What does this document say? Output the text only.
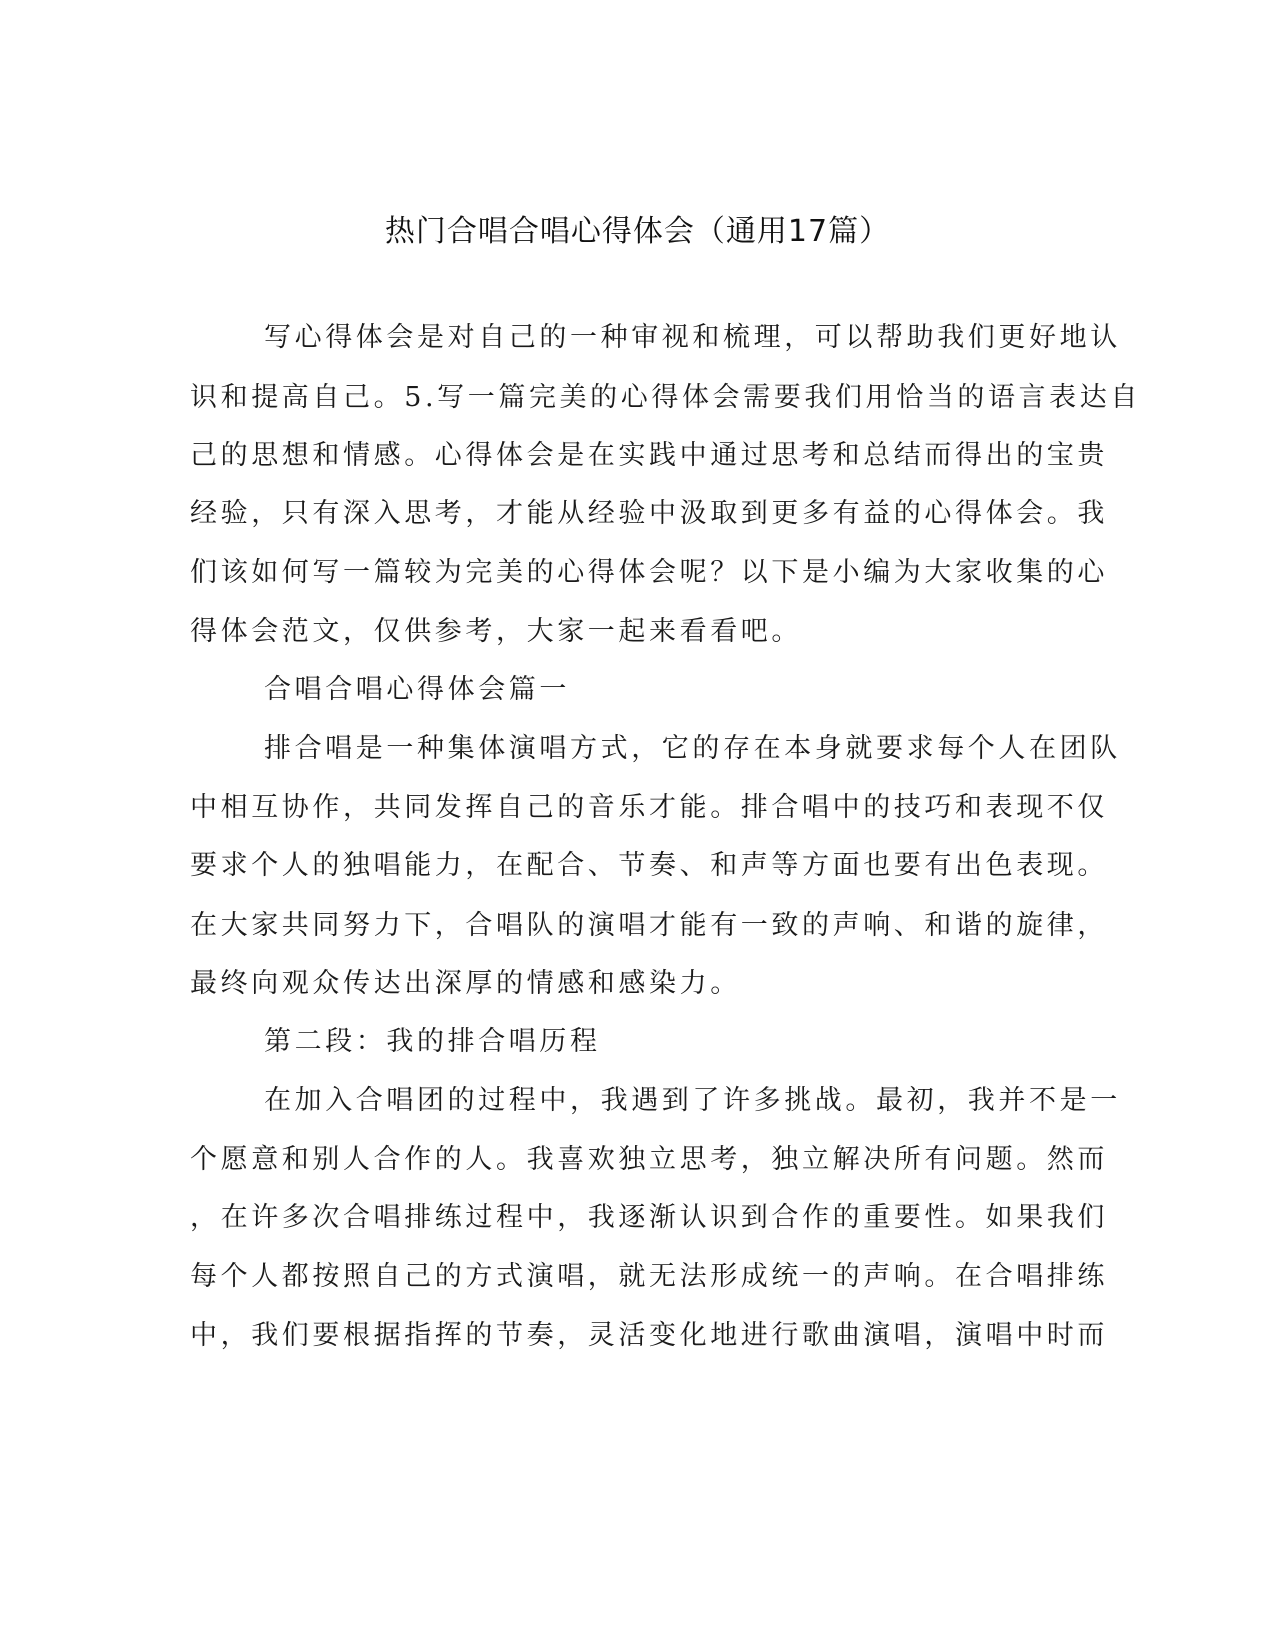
热门合唱合唱心得体会（通用17篇）

写心得体会是对自己的一种审视和梳理，可以帮助我们更好地认

识和提高自己。5.写一篇完美的心得体会需要我们用恰当的语言表达自

己的思想和情感。心得体会是在实践中通过思考和总结而得出的宝贵

经验，只有深入思考，才能从经验中汲取到更多有益的心得体会。我

们该如何写一篇较为完美的心得体会呢？以下是小编为大家收集的心

得体会范文，仅供参考，大家一起来看看吧。

合唱合唱心得体会篇一

排合唱是一种集体演唱方式，它的存在本身就要求每个人在团队

中相互协作，共同发挥自己的音乐才能。排合唱中的技巧和表现不仅

要求个人的独唱能力，在配合、节奏、和声等方面也要有出色表现。

在大家共同努力下，合唱队的演唱才能有一致的声响、和谐的旋律，

最终向观众传达出深厚的情感和感染力。

第二段：我的排合唱历程

在加入合唱团的过程中，我遇到了许多挑战。最初，我并不是一

个愿意和别人合作的人。我喜欢独立思考，独立解决所有问题。然而

，在许多次合唱排练过程中，我逐渐认识到合作的重要性。如果我们

每个人都按照自己的方式演唱，就无法形成统一的声响。在合唱排练

中，我们要根据指挥的节奏，灵活变化地进行歌曲演唱，演唱中时而
